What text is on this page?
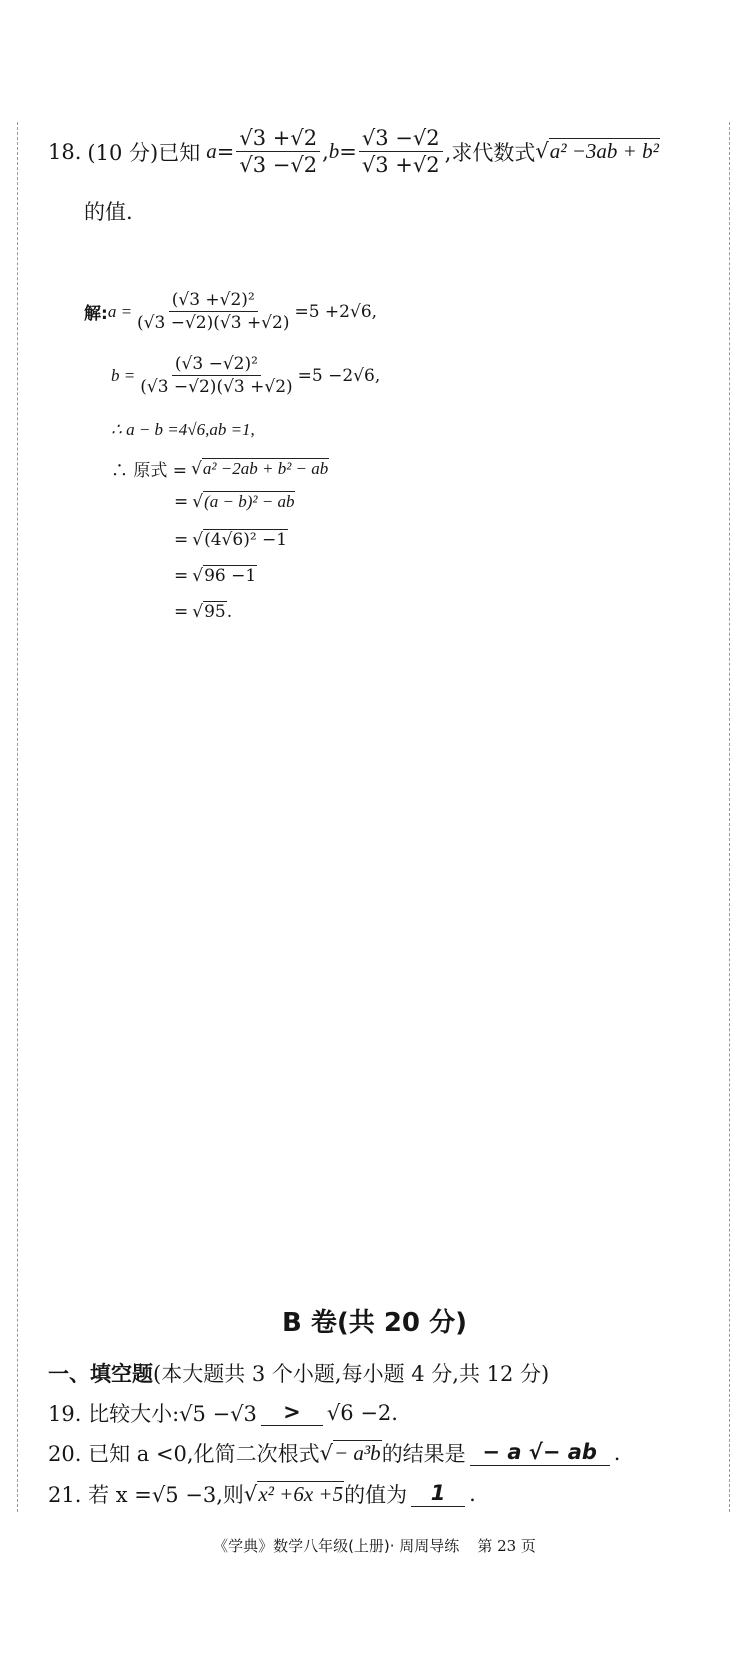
18. (10 分)已知 $a = \frac{√3 +√2}{√3 -√2}$ , $b = \frac{√3 -√2}{√3 +√2}$ ,求代数式 √a² −3ab + b²
的值.
解: $a = \frac{\text{(√3 +√2)²}}{(√3 -√2)(√3 +√2)} =5 +2√6$,
$b = \frac{\text{(√3 −√2)²}}{(√3 -√2)(√3 +√2)} =5 -2√6$,
∴ a − b =4√6,ab =1,
∴ 原式 = √a² −2ab + b² − ab
= √(a − b)² − ab
= √(4√6)² −1
= √96 −1
= √95 .
B 卷(共 20 分)
一、填空题(本大题共 3 个小题,每小题 4 分,共 12 分)
19. 比较大小:√5 −√3	>	√6 −2.
20. 已知 a <0,化简二次根式 √− a³b 的结果是 − a √− ab .
21. 若 x =√5 −3,则 √x² +6x +5 的值为	1	.
《学典》数学八年级(上册)· 周周导练 第 23 页
